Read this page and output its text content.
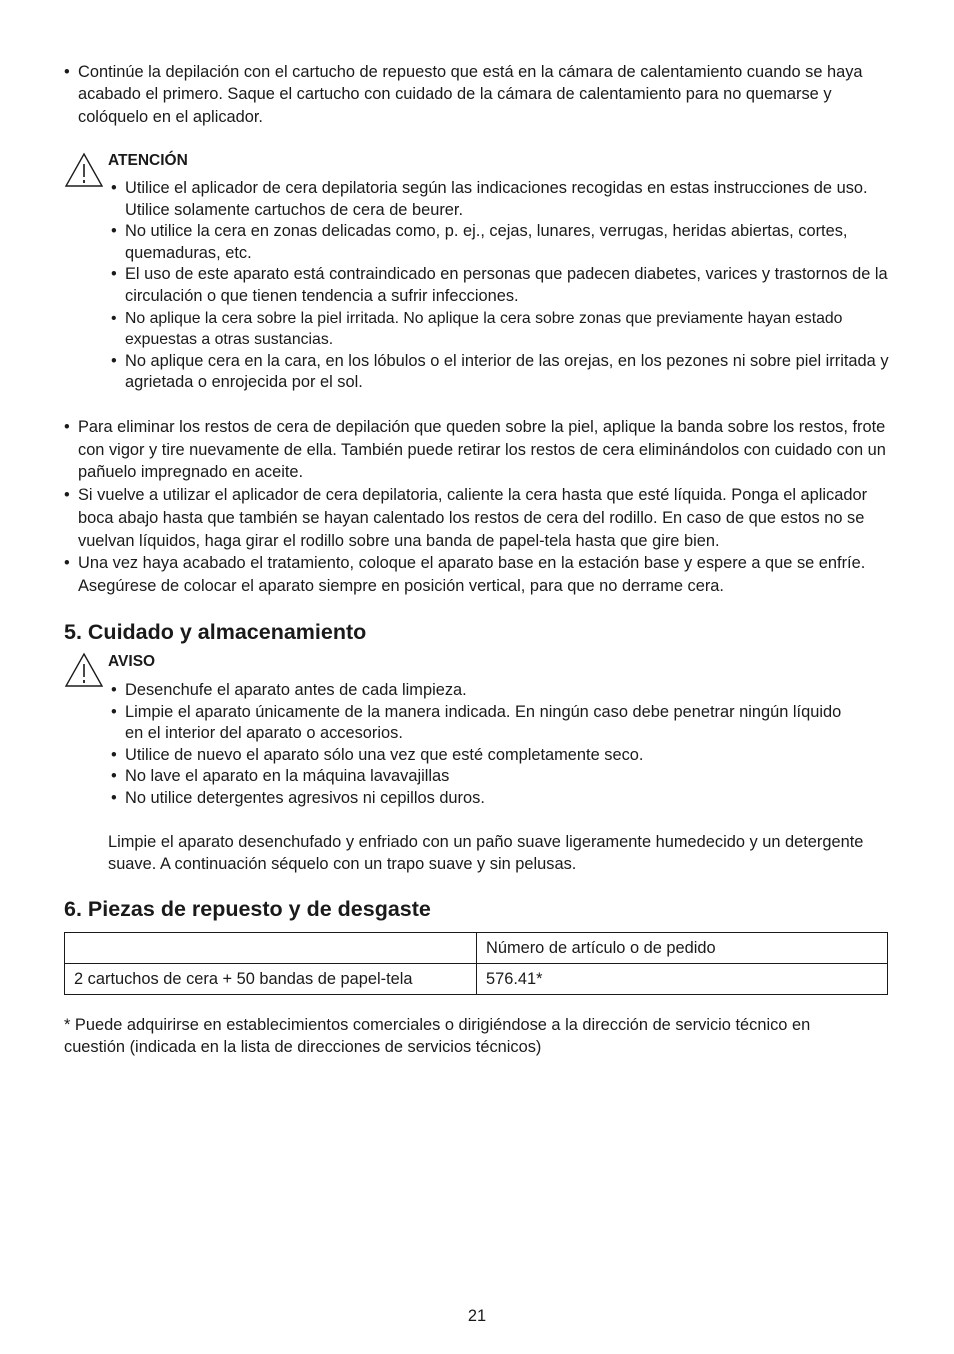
• Continúe la depilación con el cartucho de repuesto que está en la cámara de calentamiento cuando se haya acabado el primero. Saque el cartucho con cuidado de la cámara de calentamiento para no quemarse y colóquelo en el aplicador.
ATENCIÓN
• Utilice el aplicador de cera depilatoria según las indicaciones recogidas en estas instrucciones de uso. Utilice solamente cartuchos de cera de beurer.
• No utilice la cera en zonas delicadas como, p. ej., cejas, lunares, verrugas, heridas abiertas, cortes, quemaduras, etc.
• El uso de este aparato está contraindicado en personas que padecen diabetes, varices y trastornos de la circulación o que tienen tendencia a sufrir infecciones.
• No aplique la cera sobre la piel irritada. No aplique la cera sobre zonas que previamente hayan estado expuestas a otras sustancias.
• No aplique cera en la cara, en los lóbulos o el interior de las orejas, en los pezones ni sobre piel irritada y agrietada o enrojecida por el sol.
• Para eliminar los restos de cera de depilación que queden sobre la piel, aplique la banda sobre los restos, frote con vigor y tire nuevamente de ella. También puede retirar los restos de cera eliminándolos con cuidado con un pañuelo impregnado en aceite.
• Si vuelve a utilizar el aplicador de cera depilatoria, caliente la cera hasta que esté líquida. Ponga el aplicador boca abajo hasta que también se hayan calentado los restos de cera del rodillo. En caso de que estos no se vuelvan líquidos, haga girar el rodillo sobre una banda de papel-tela hasta que gire bien.
• Una vez haya acabado el tratamiento, coloque el aparato base en la estación base y espere a que se enfríe. Asegúrese de colocar el aparato siempre en posición vertical, para que no derrame cera.
5. Cuidado y almacenamiento
AVISO
• Desenchufe el aparato antes de cada limpieza.
• Limpie el aparato únicamente de la manera indicada. En ningún caso debe penetrar ningún líquido en el interior del aparato o accesorios.
• Utilice de nuevo el aparato sólo una vez que esté completamente seco.
• No lave el aparato en la máquina lavavajillas
• No utilice detergentes agresivos ni cepillos duros.
Limpie el aparato desenchufado y enfriado con un paño suave ligeramente humedecido y un detergente suave. A continuación séquelo con un trapo suave y sin pelusas.
6. Piezas de repuesto y de desgaste
	Número de artículo o de pedido
2 cartuchos de cera + 50 bandas de papel-tela	576.41*
* Puede adquirirse en establecimientos comerciales o dirigiéndose a la dirección de servicio técnico en cuestión (indicada en la lista de direcciones de servicios técnicos)
21
